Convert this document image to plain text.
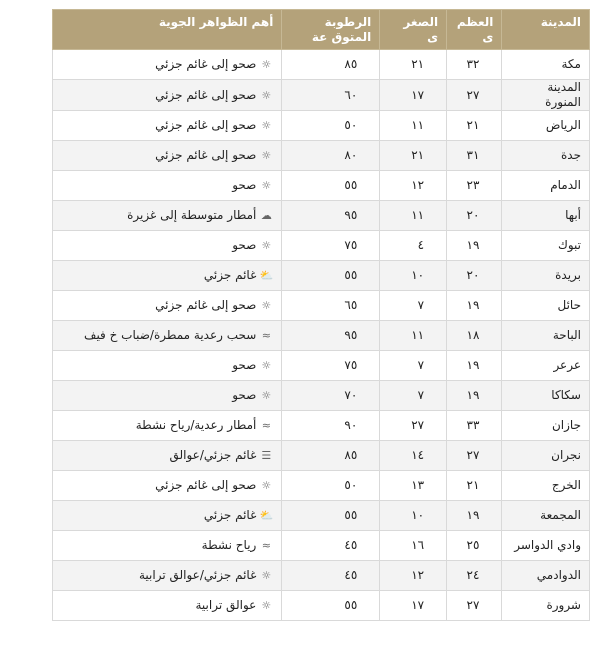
المدينة	العظم ى	الصغر ى	الرطوبة المتوق عة	أهم الظواهر الجوية
مكة	٣٢	٢١	٨٥	☼صحو إلى غائم جزئي
المدينة المنورة	٢٧	١٧	٦٠	☼صحو إلى غائم جزئي
الرياض	٢١	١١	٥٠	☼صحو إلى غائم جزئي
جدة	٣١	٢١	٨٠	☼صحو إلى غائم جزئي
الدمام	٢٣	١٢	٥٥	☼صحو
أبها	٢٠	١١	٩٥	☁أمطار متوسطة إلى غزيرة
تبوك	١٩	٤	٧٥	☼صحو
بريدة	٢٠	١٠	٥٥	⛅غائم جزئي
حائل	١٩	٧	٦٥	☼صحو إلى غائم جزئي
الباحة	١٨	١١	٩٥	≈سحب رعدية ممطرة/ضباب خ فيف
عرعر	١٩	٧	٧٥	☼صحو
سكاكا	١٩	٧	٧٠	☼صحو
جازان	٣٣	٢٧	٩٠	≈أمطار رعدية/رياح نشطة
نجران	٢٧	١٤	٨٥	☰غائم جزئي/عوالق
الخرج	٢١	١٣	٥٠	☼صحو إلى غائم جزئي
المجمعة	١٩	١٠	٥٥	⛅غائم جزئي
وادي الدواسر	٢٥	١٦	٤٥	≈رياح نشطة
الدوادمي	٢٤	١٢	٤٥	☼غائم جزئي/عوالق ترابية
شرورة	٢٧	١٧	٥٥	☼عوالق ترابية
